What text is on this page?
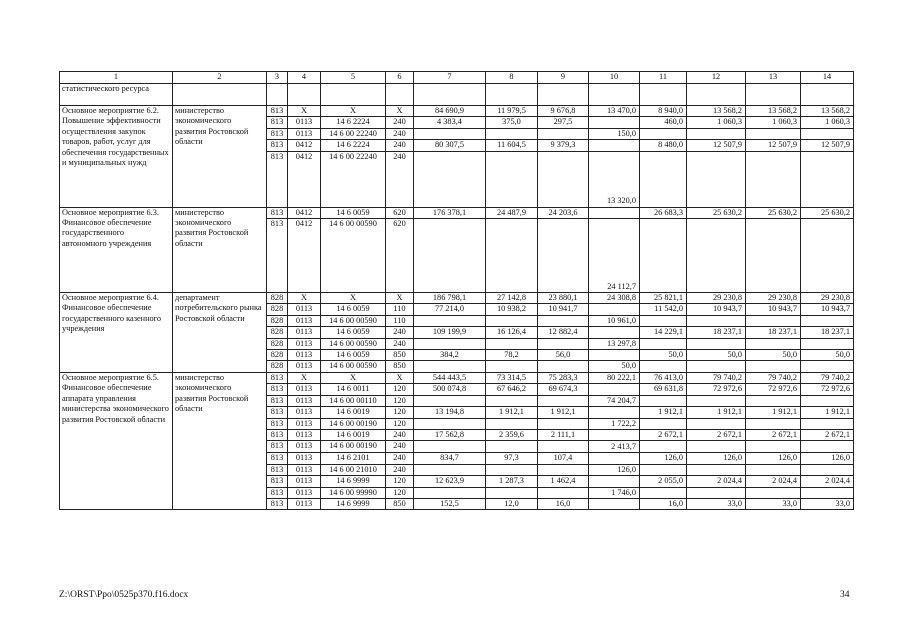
1	2	3	4	5	6	7	8	9	10	11	12	13	14
статистического ресурса													
Основное мероприятие 6.2. Повышение эффективности осуществления закупок товаров, работ, услуг для обеспечения государственных и муниципальных нужд	министерство экономического развития Ростовской области	813	X	X	X	84 690,9	11 979,5	9 676,8	13 470,0	8 940,0	13 568,2	13 568,2	13 568,2
		813	0113	14 6 2224	240	4 383,4	375,0	297,5		460,0	1 060,3	1 060,3	1 060,3
		813	0113	14 6 00 22240	240				150,0				
		813	0412	14 6 2224	240	80 307,5	11 604,5	9 379,3		8 480,0	12 507,9	12 507,9	12 507,9
		813	0412	14 6 00 22240	240				13 320,0				
Основное мероприятие 6.3. Финансовое обеспечение государственного автономного учреждения	министерство экономического развития Ростовской области	813	0412	14 6 0059	620	176 378,1	24 487,9	24 203,6		26 683,3	25 630,2	25 630,2	25 630,2
		813	0412	14 6 00 00590	620				24 112,7				
Основное мероприятие 6.4. Финансовое обеспечение государственного казенного учреждения	департамент потребительского рынка Ростовской области	828	X	X	X	186 798,1	27 142,8	23 880,1	24 308,8	25 821,1	29 230,8	29 230,8	29 230,8
		828	0113	14 6 0059	110	77 214,0	10 938,2	10 941,7		11 542,0	10 943,7	10 943,7	10 943,7
		828	0113	14 6 00 00590	110				10 961,0				
		828	0113	14 6 0059	240	109 199,9	16 126,4	12 882,4		14 229,1	18 237,1	18 237,1	18 237,1
		828	0113	14 6 00 00590	240				13 297,8				
		828	0113	14 6 0059	850	384,2	78,2	56,0		50,0	50,0	50,0	50,0
		828	0113	14 6 00 00590	850				50,0				
Основное мероприятие 6.5. Финансовое обеспечение аппарата управления министерства экономического развития Ростовской области	министерство экономического развития Ростовской области	813	X	X	X	544 443,5	73 314,5	75 283,3	80 222,1	76 413,0	79 740,2	79 740,2	79 740,2
		813	0113	14 6 0011	120	500 074,8	67 646,2	69 674,3		69 631,8	72 972,6	72 972,6	72 972,6
		813	0113	14 6 00 00110	120				74 204,7				
		813	0113	14 6 0019	120	13 194,8	1 912,1	1 912,1		1 912,1	1 912,1	1 912,1	1 912,1
		813	0113	14 6 00 00190	120				1 722,2				
		813	0113	14 6 0019	240	17 562,8	2 359,6	2 111,1		2 672,1	2 672,1	2 672,1	2 672,1
		813	0113	14 6 00 00190	240				2 413,7				
		813	0113	14 6 2101	240	834,7	97,3	107,4		126,0	126,0	126,0	126,0
		813	0113	14 6 00 21010	240				126,0				
		813	0113	14 6 9999	120	12 623,9	1 287,3	1 462,4		2 055,0	2 024,4	2 024,4	2 024,4
		813	0113	14 6 00 99990	120				1 746,0				
		813	0113	14 6 9999	850	152,5	12,0	16,0		16,0	33,0	33,0	33,0
Z:\ORST\Ppo\0525p370.f16.docx	34
